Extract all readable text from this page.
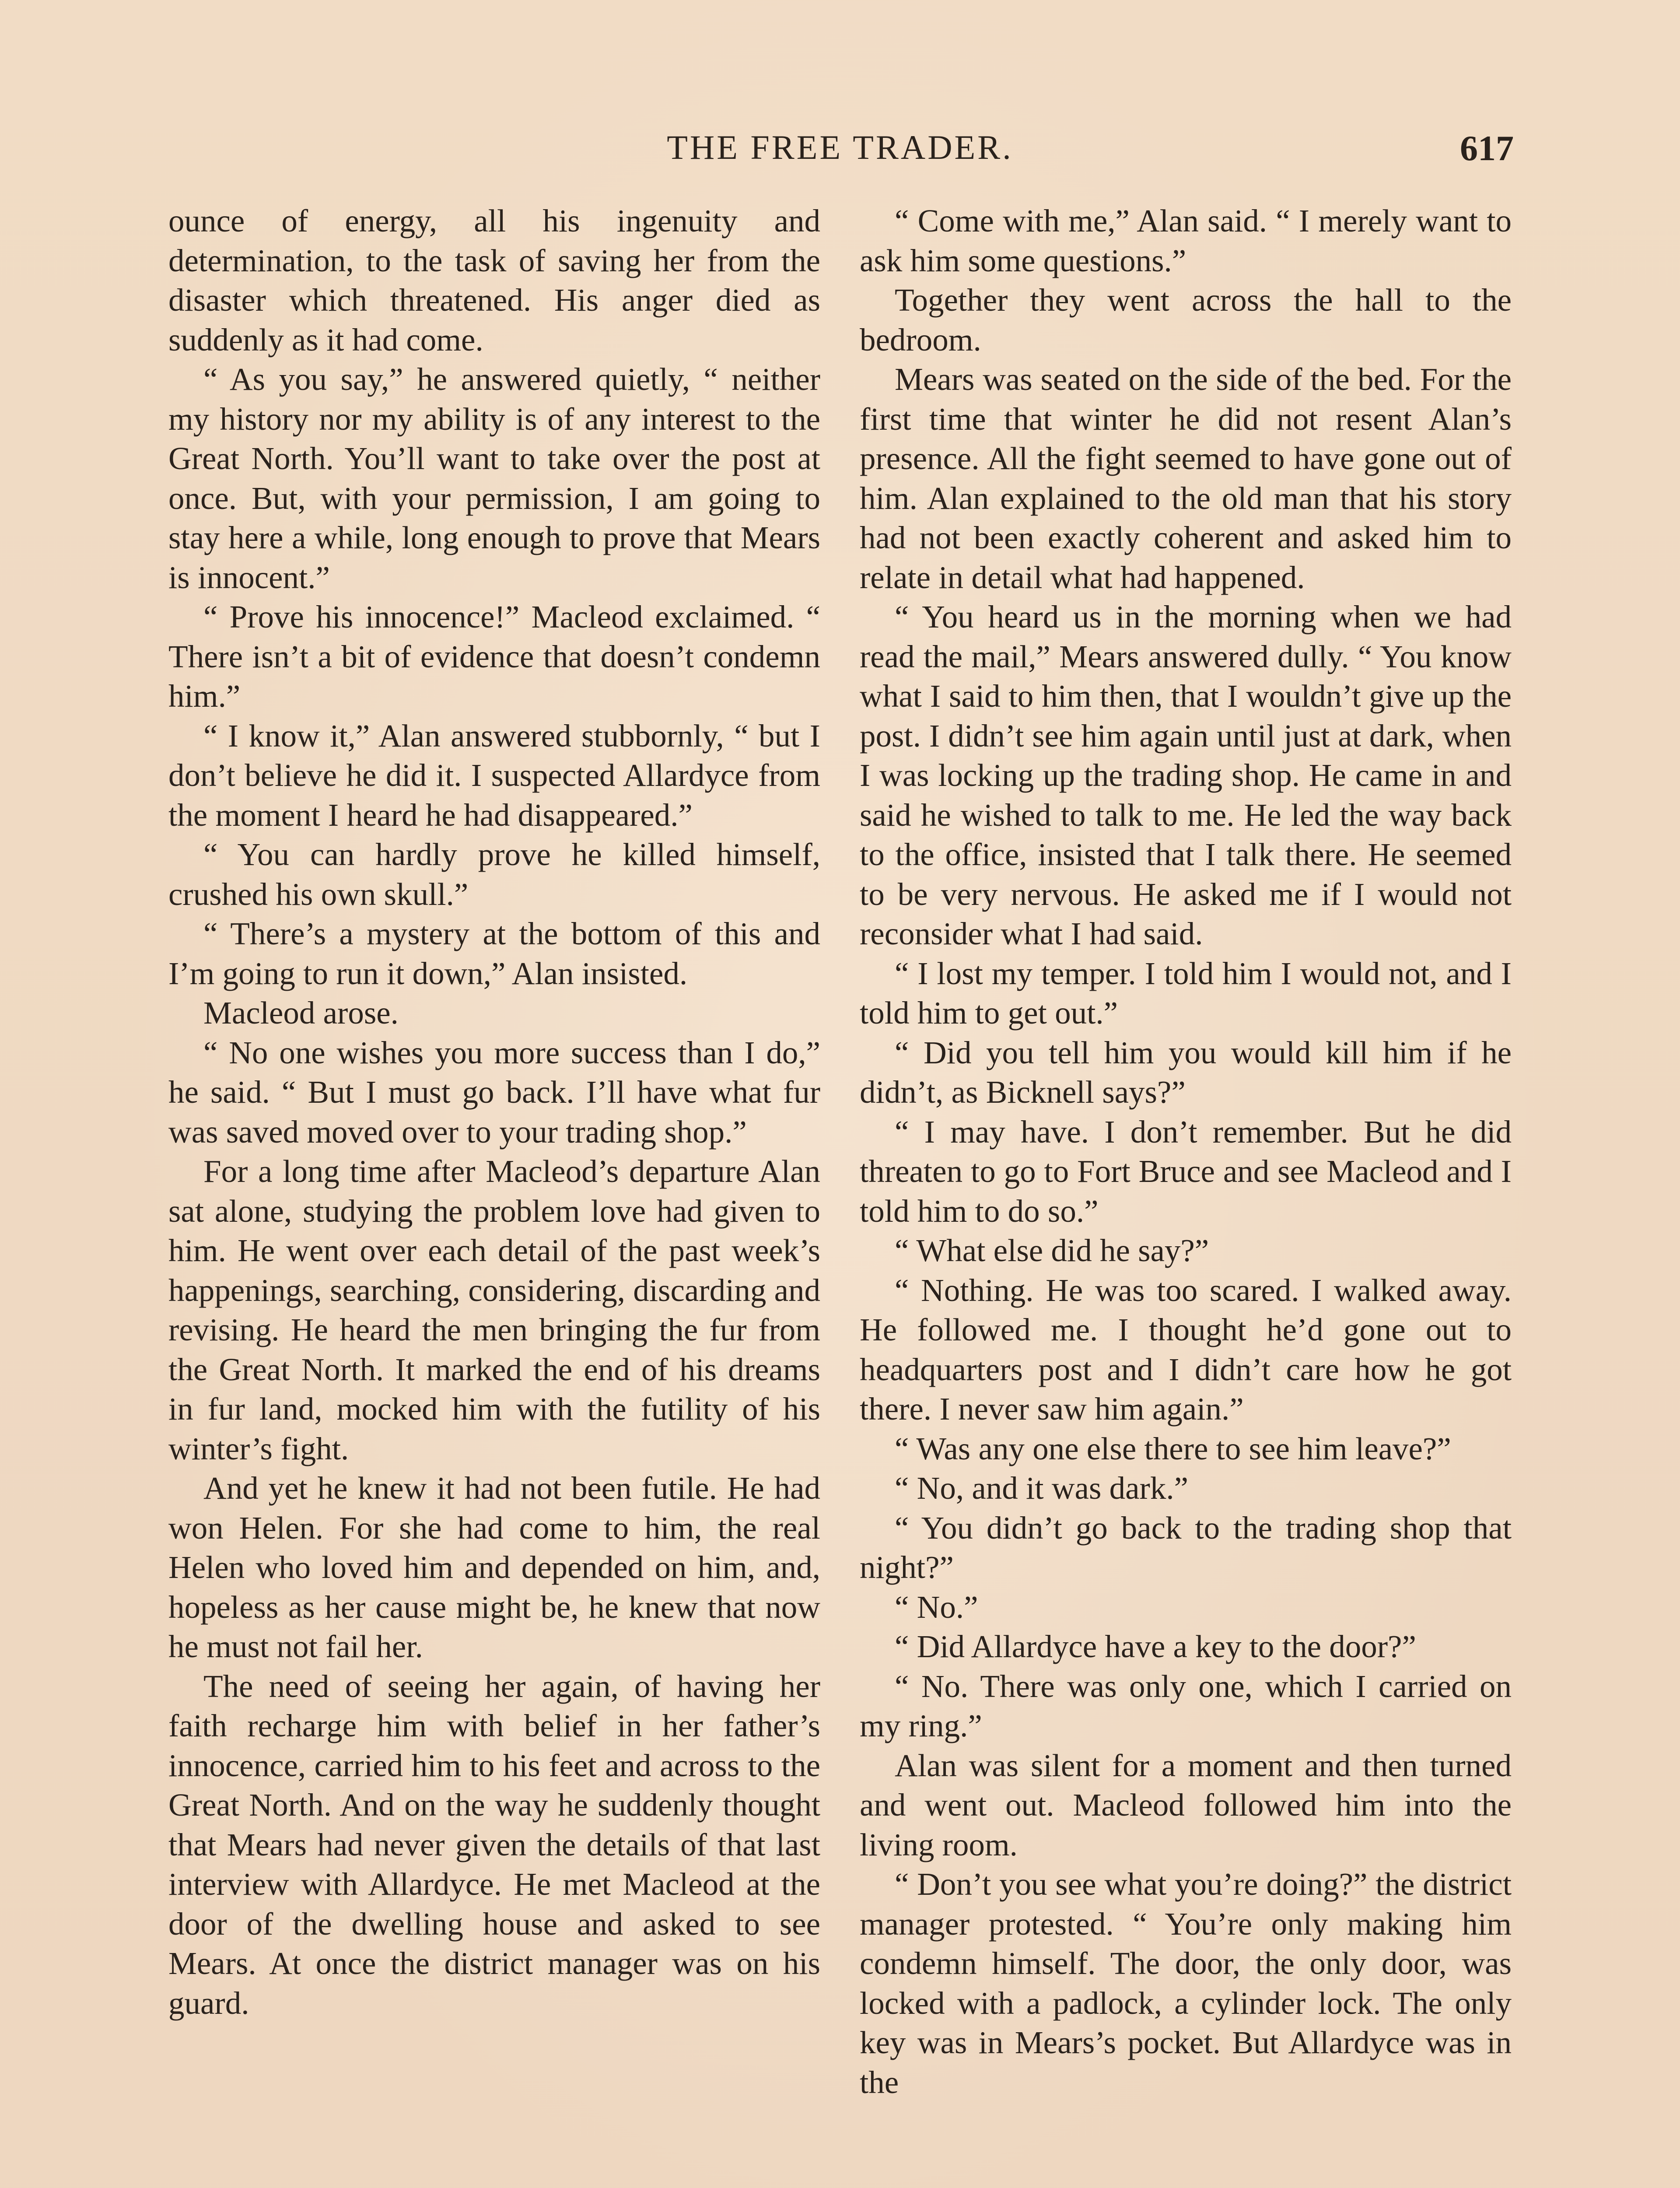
THE FREE TRADER.	617

ounce of energy, all his ingenuity and determination, to the task of saving her from the disaster which threatened. His anger died as suddenly as it had come.

“ As you say,” he answered quietly, “ neither my history nor my ability is of any interest to the Great North. You’ll want to take over the post at once. But, with your permission, I am going to stay here a while, long enough to prove that Mears is innocent.”

“ Prove his innocence!” Macleod exclaimed. “ There isn’t a bit of evidence that doesn’t condemn him.”

“ I know it,” Alan answered stubbornly, “ but I don’t believe he did it. I suspected Allardyce from the moment I heard he had disappeared.”

“ You can hardly prove he killed himself, crushed his own skull.”

“ There’s a mystery at the bottom of this and I’m going to run it down,” Alan insisted.

Macleod arose.

“ No one wishes you more success than I do,” he said. “ But I must go back. I’ll have what fur was saved moved over to your trading shop.”

For a long time after Macleod’s departure Alan sat alone, studying the problem love had given to him. He went over each detail of the past week’s happenings, searching, considering, discarding and revising. He heard the men bringing the fur from the Great North. It marked the end of his dreams in fur land, mocked him with the futility of his winter’s fight.

And yet he knew it had not been futile. He had won Helen. For she had come to him, the real Helen who loved him and depended on him, and, hopeless as her cause might be, he knew that now he must not fail her.

The need of seeing her again, of having her faith recharge him with belief in her father’s innocence, carried him to his feet and across to the Great North. And on the way he suddenly thought that Mears had never given the details of that last interview with Allardyce. He met Macleod at the door of the dwelling house and asked to see Mears. At once the district manager was on his guard.

“ Come with me,” Alan said. “ I merely want to ask him some questions.”

Together they went across the hall to the bedroom.

Mears was seated on the side of the bed. For the first time that winter he did not resent Alan’s presence. All the fight seemed to have gone out of him. Alan explained to the old man that his story had not been exactly coherent and asked him to relate in detail what had happened.

“ You heard us in the morning when we had read the mail,” Mears answered dully. “ You know what I said to him then, that I wouldn’t give up the post. I didn’t see him again until just at dark, when I was locking up the trading shop. He came in and said he wished to talk to me. He led the way back to the office, insisted that I talk there. He seemed to be very nervous. He asked me if I would not reconsider what I had said.

“ I lost my temper. I told him I would not, and I told him to get out.”

“ Did you tell him you would kill him if he didn’t, as Bicknell says?”

“ I may have. I don’t remember. But he did threaten to go to Fort Bruce and see Macleod and I told him to do so.”

“ What else did he say?”

“ Nothing. He was too scared. I walked away. He followed me. I thought he’d gone out to headquarters post and I didn’t care how he got there. I never saw him again.”

“ Was any one else there to see him leave?”

“ No, and it was dark.”

“ You didn’t go back to the trading shop that night?”

“ No.”

“ Did Allardyce have a key to the door?”

“ No. There was only one, which I carried on my ring.”

Alan was silent for a moment and then turned and went out. Macleod followed him into the living room.

“ Don’t you see what you’re doing?” the district manager protested. “ You’re only making him condemn himself. The door, the only door, was locked with a padlock, a cylinder lock. The only key was in Mears’s pocket. But Allardyce was in the
